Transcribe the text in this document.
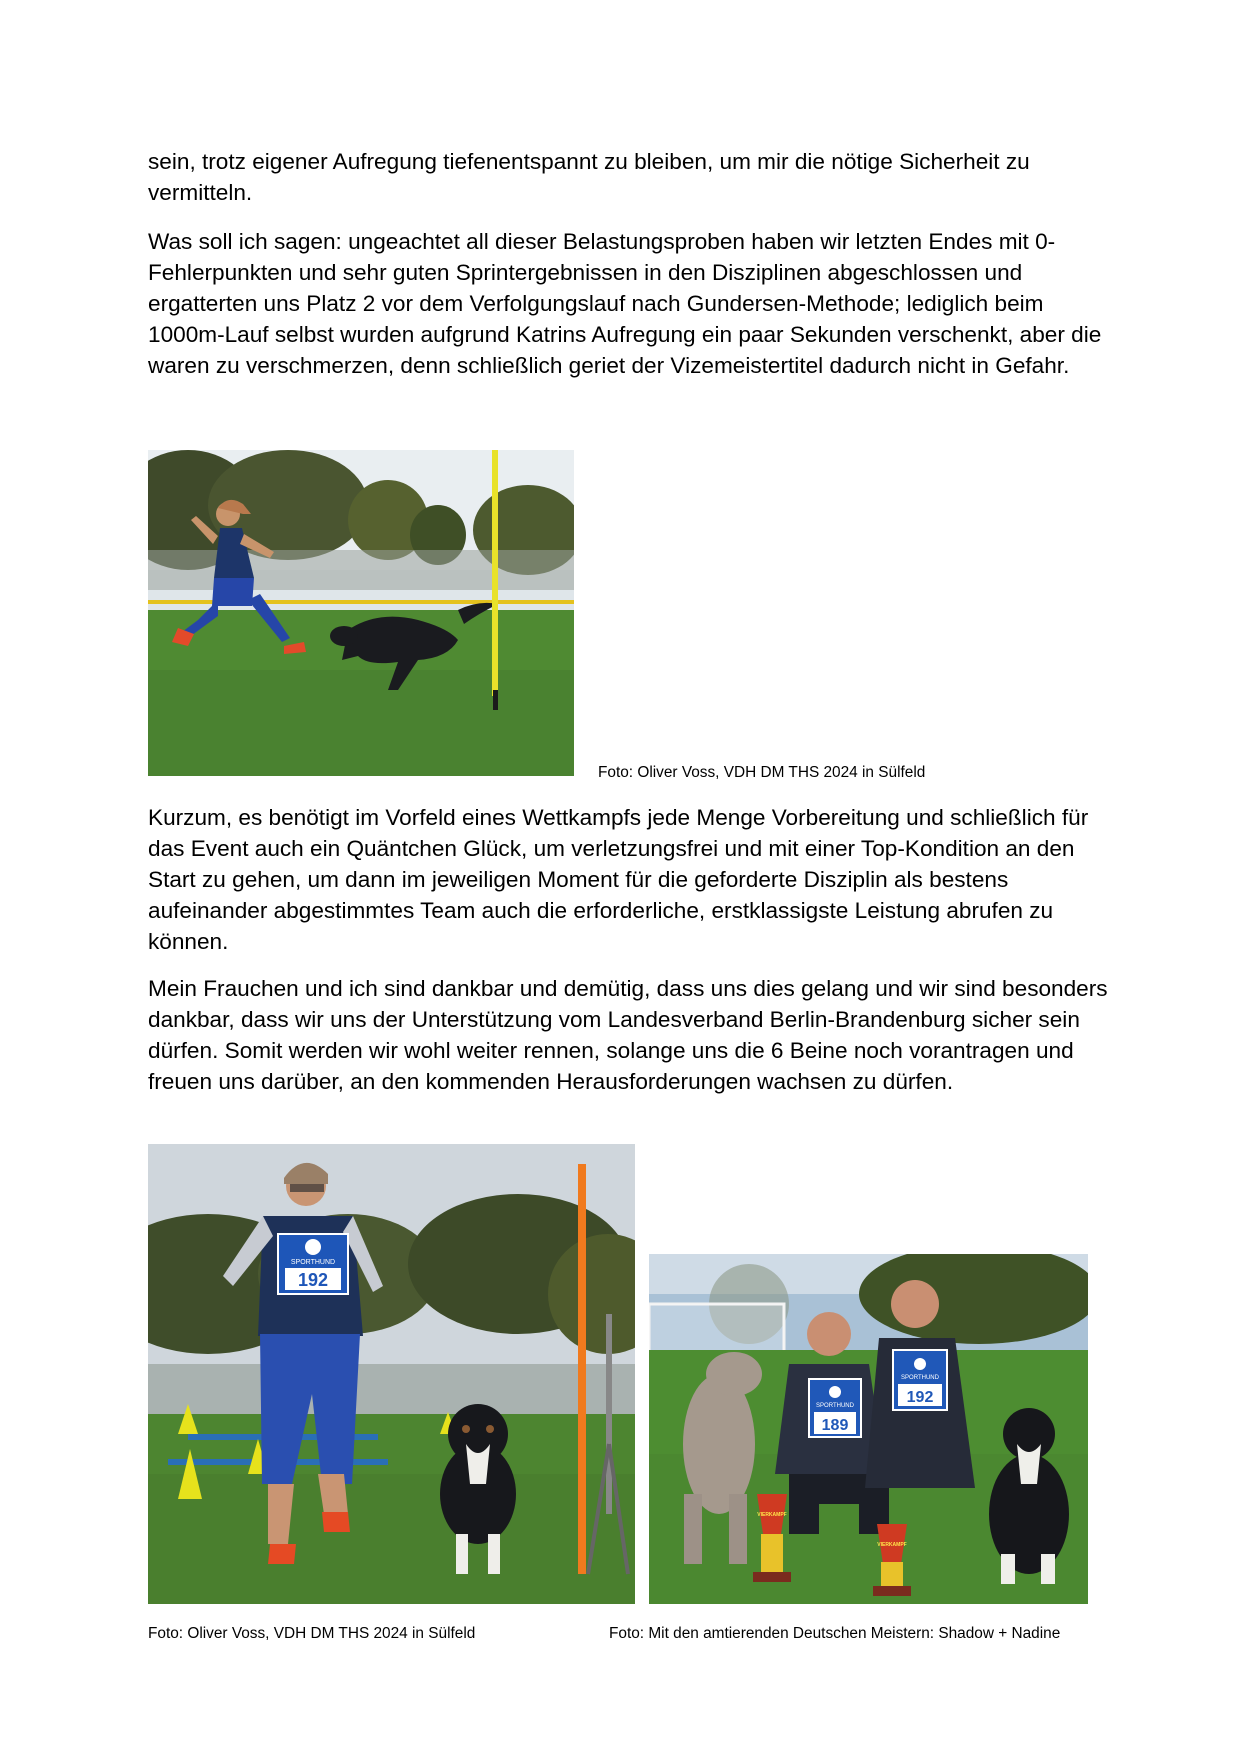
sein, trotz eigener Aufregung tiefenentspannt zu bleiben, um mir die nötige Sicherheit zu vermitteln.

Was soll ich sagen: ungeachtet all dieser Belastungsproben haben wir letzten Endes mit 0-Fehlerpunkten und sehr guten Sprintergebnissen in den Disziplinen abgeschlossen und ergatterten uns Platz 2 vor dem Verfolgungslauf nach Gundersen-Methode; lediglich beim 1000m-Lauf selbst wurden aufgrund Katrins Aufregung ein paar Sekunden verschenkt, aber die waren zu verschmerzen, denn schließlich geriet der Vizemeistertitel dadurch nicht in Gefahr.

Foto: Oliver Voss, VDH DM THS 2024 in Sülfeld

Kurzum, es benötigt im Vorfeld eines Wettkampfs jede Menge Vorbereitung und schließlich für das Event auch ein Quäntchen Glück, um verletzungsfrei und mit einer Top-Kondition an den Start zu gehen, um dann im jeweiligen Moment für die geforderte Disziplin als bestens aufeinander abgestimmtes Team auch die erforderliche, erstklassigste Leistung abrufen zu können.

Mein Frauchen und ich sind dankbar und demütig, dass uns dies gelang und wir sind besonders dankbar, dass wir uns der Unterstützung vom Landesverband Berlin-Brandenburg sicher sein dürfen. Somit werden wir wohl weiter rennen, solange uns die 6 Beine noch vorantragen und freuen uns darüber, an den kommenden Herausforderungen wachsen zu dürfen.

SPORTHUND
192
SPORTHUND
189
SPORTHUND
192
VIERKAMPF
VIERKAMPF

Foto: Oliver Voss, VDH DM THS 2024 in Sülfeld	Foto: Mit den amtierenden Deutschen Meistern: Shadow + Nadine
